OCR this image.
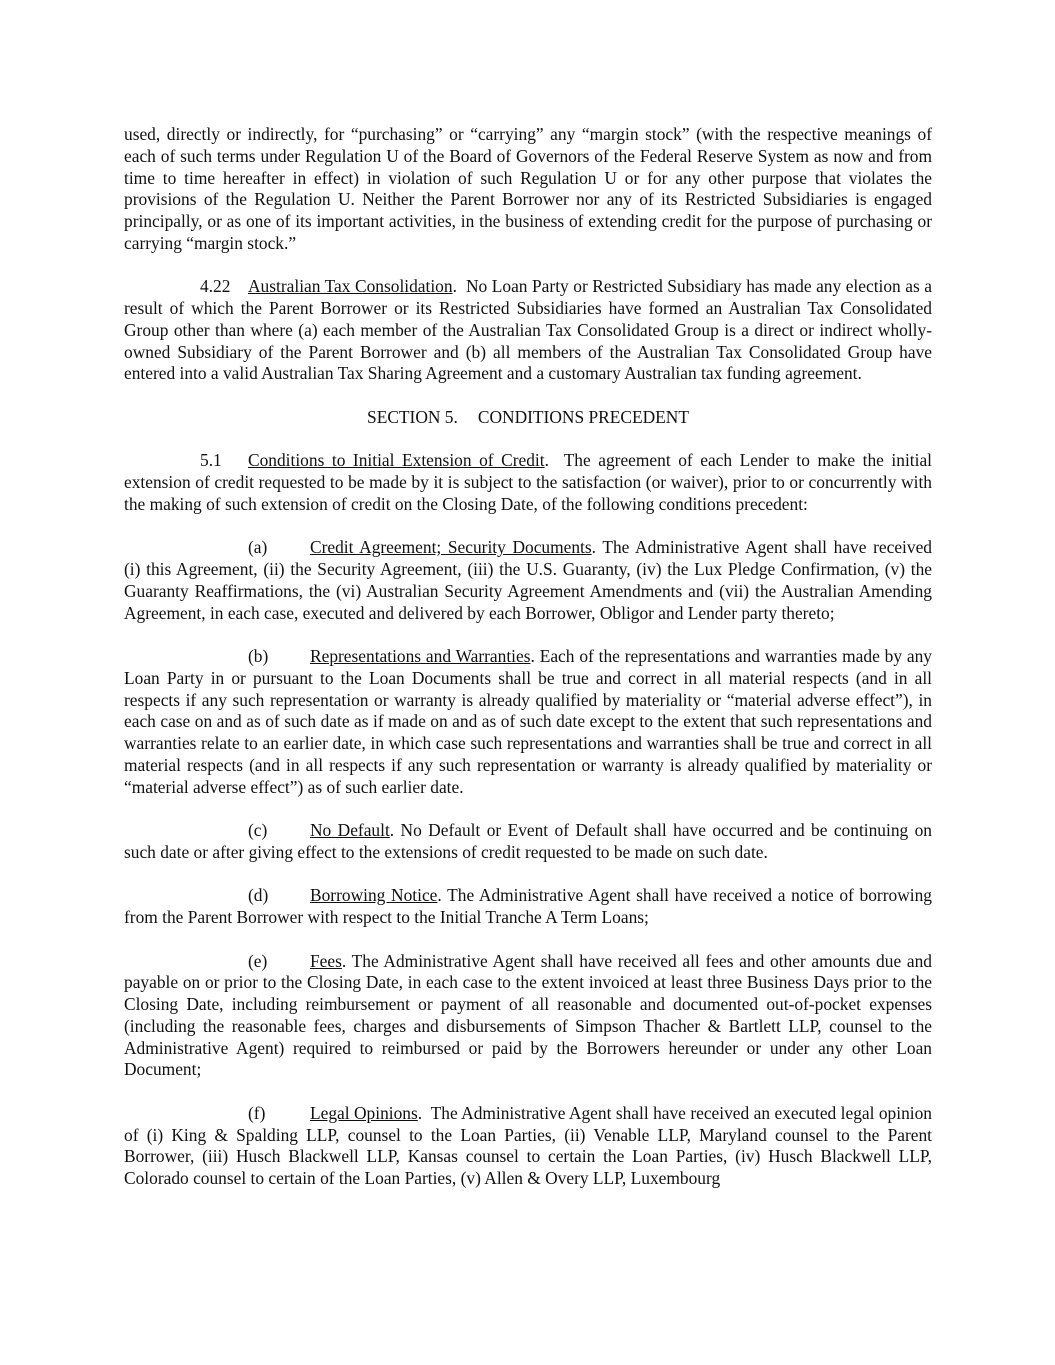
used, directly or indirectly, for “purchasing” or “carrying” any “margin stock” (with the respective meanings of each of such terms under Regulation U of the Board of Governors of the Federal Reserve System as now and from time to time hereafter in effect) in violation of such Regulation U or for any other purpose that violates the provisions of the Regulation U. Neither the Parent Borrower nor any of its Restricted Subsidiaries is engaged principally, or as one of its important activities, in the business of extending credit for the purpose of purchasing or carrying “margin stock.”

4.22 Australian Tax Consolidation.  No Loan Party or Restricted Subsidiary has made any election as a result of which the Parent Borrower or its Restricted Subsidiaries have formed an Australian Tax Consolidated Group other than where (a) each member of the Australian Tax Consolidated Group is a direct or indirect wholly-owned Subsidiary of the Parent Borrower and (b) all members of the Australian Tax Consolidated Group have entered into a valid Australian Tax Sharing Agreement and a customary Australian tax funding agreement.

SECTION 5. CONDITIONS PRECEDENT

5.1 Conditions to Initial Extension of Credit.  The agreement of each Lender to make the initial extension of credit requested to be made by it is subject to the satisfaction (or waiver), prior to or concurrently with the making of such extension of credit on the Closing Date, of the following conditions precedent:

(a) Credit Agreement; Security Documents. The Administrative Agent shall have received (i) this Agreement, (ii) the Security Agreement, (iii) the U.S. Guaranty, (iv) the Lux Pledge Confirmation, (v) the Guaranty Reaffirmations, the (vi) Australian Security Agreement Amendments and (vii) the Australian Amending Agreement, in each case, executed and delivered by each Borrower, Obligor and Lender party thereto;

(b) Representations and Warranties. Each of the representations and warranties made by any Loan Party in or pursuant to the Loan Documents shall be true and correct in all material respects (and in all respects if any such representation or warranty is already qualified by materiality or “material adverse effect”), in each case on and as of such date as if made on and as of such date except to the extent that such representations and warranties relate to an earlier date, in which case such representations and warranties shall be true and correct in all material respects (and in all respects if any such representation or warranty is already qualified by materiality or “material adverse effect”) as of such earlier date.

(c) No Default. No Default or Event of Default shall have occurred and be continuing on such date or after giving effect to the extensions of credit requested to be made on such date.

(d) Borrowing Notice. The Administrative Agent shall have received a notice of borrowing from the Parent Borrower with respect to the Initial Tranche A Term Loans;

(e) Fees. The Administrative Agent shall have received all fees and other amounts due and payable on or prior to the Closing Date, in each case to the extent invoiced at least three Business Days prior to the Closing Date, including reimbursement or payment of all reasonable and documented out-of-pocket expenses (including the reasonable fees, charges and disbursements of Simpson Thacher & Bartlett LLP, counsel to the Administrative Agent) required to reimbursed or paid by the Borrowers hereunder or under any other Loan Document;

(f)	Legal Opinions.  The Administrative Agent shall have received an executed legal opinion of (i) King & Spalding LLP, counsel to the Loan Parties, (ii) Venable LLP, Maryland counsel to the Parent Borrower, (iii) Husch Blackwell LLP, Kansas counsel to certain the Loan Parties, (iv) Husch Blackwell LLP, Colorado counsel to certain of the Loan Parties, (v) Allen & Overy LLP, Luxembourg
